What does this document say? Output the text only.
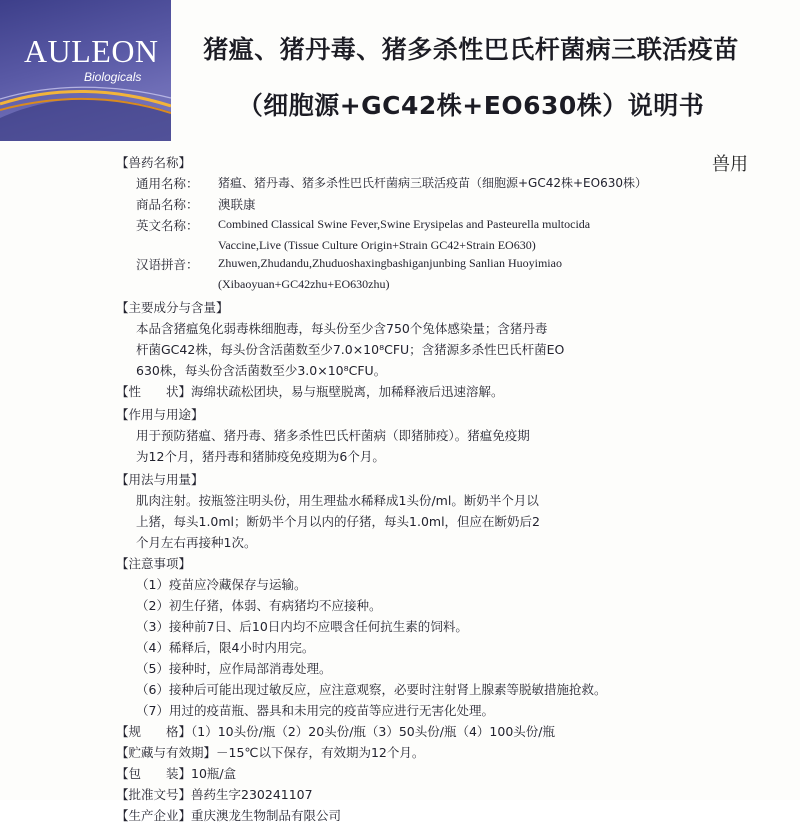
AULEON
Biologicals
猪瘟、猪丹毒、猪多杀性巴氏杆菌病三联活疫苗
（细胞源+GC42株+EO630株）说明书
兽用
【兽药名称】
通用名称：	猪瘟、猪丹毒、猪多杀性巴氏杆菌病三联活疫苗（细胞源+GC42株+EO630株）
商品名称：	澳联康
英文名称：	Combined Classical Swine Fever,Swine Erysipelas and Pasteurella multocida
Vaccine,Live (Tissue Culture Origin+Strain GC42+Strain EO630)
汉语拼音：	Zhuwen,Zhudandu,Zhuduoshaxingbashiganjunbing Sanlian Huoyimiao
(Xibaoyuan+GC42zhu+EO630zhu)
【主要成分与含量】
本品含猪瘟兔化弱毒株细胞毒，每头份至少含750个兔体感染量；含猪丹毒
杆菌GC42株，每头份含活菌数至少7.0×10⁸CFU；含猪源多杀性巴氏杆菌EO
630株，每头份含活菌数至少3.0×10⁸CFU。
【性　　状】海绵状疏松团块，易与瓶壁脱离，加稀释液后迅速溶解。
【作用与用途】
用于预防猪瘟、猪丹毒、猪多杀性巴氏杆菌病（即猪肺疫）。猪瘟免疫期
为12个月，猪丹毒和猪肺疫免疫期为6个月。
【用法与用量】
肌肉注射。按瓶签注明头份，用生理盐水稀释成1头份/ml。断奶半个月以
上猪，每头1.0ml；断奶半个月以内的仔猪，每头1.0ml，但应在断奶后2
个月左右再接种1次。
【注意事项】
（1）疫苗应冷藏保存与运输。
（2）初生仔猪，体弱、有病猪均不应接种。
（3）接种前7日、后10日内均不应喂含任何抗生素的饲料。
（4）稀释后，限4小时内用完。
（5）接种时，应作局部消毒处理。
（6）接种后可能出现过敏反应，应注意观察，必要时注射肾上腺素等脱敏措施抢救。
（7）用过的疫苗瓶、器具和未用完的疫苗等应进行无害化处理。
【规　　格】（1）10头份/瓶（2）20头份/瓶（3）50头份/瓶（4）100头份/瓶
【贮藏与有效期】－15℃以下保存，有效期为12个月。
【包　　装】10瓶/盒
【批准文号】兽药生字230241107
【生产企业】重庆澳龙生物制品有限公司
